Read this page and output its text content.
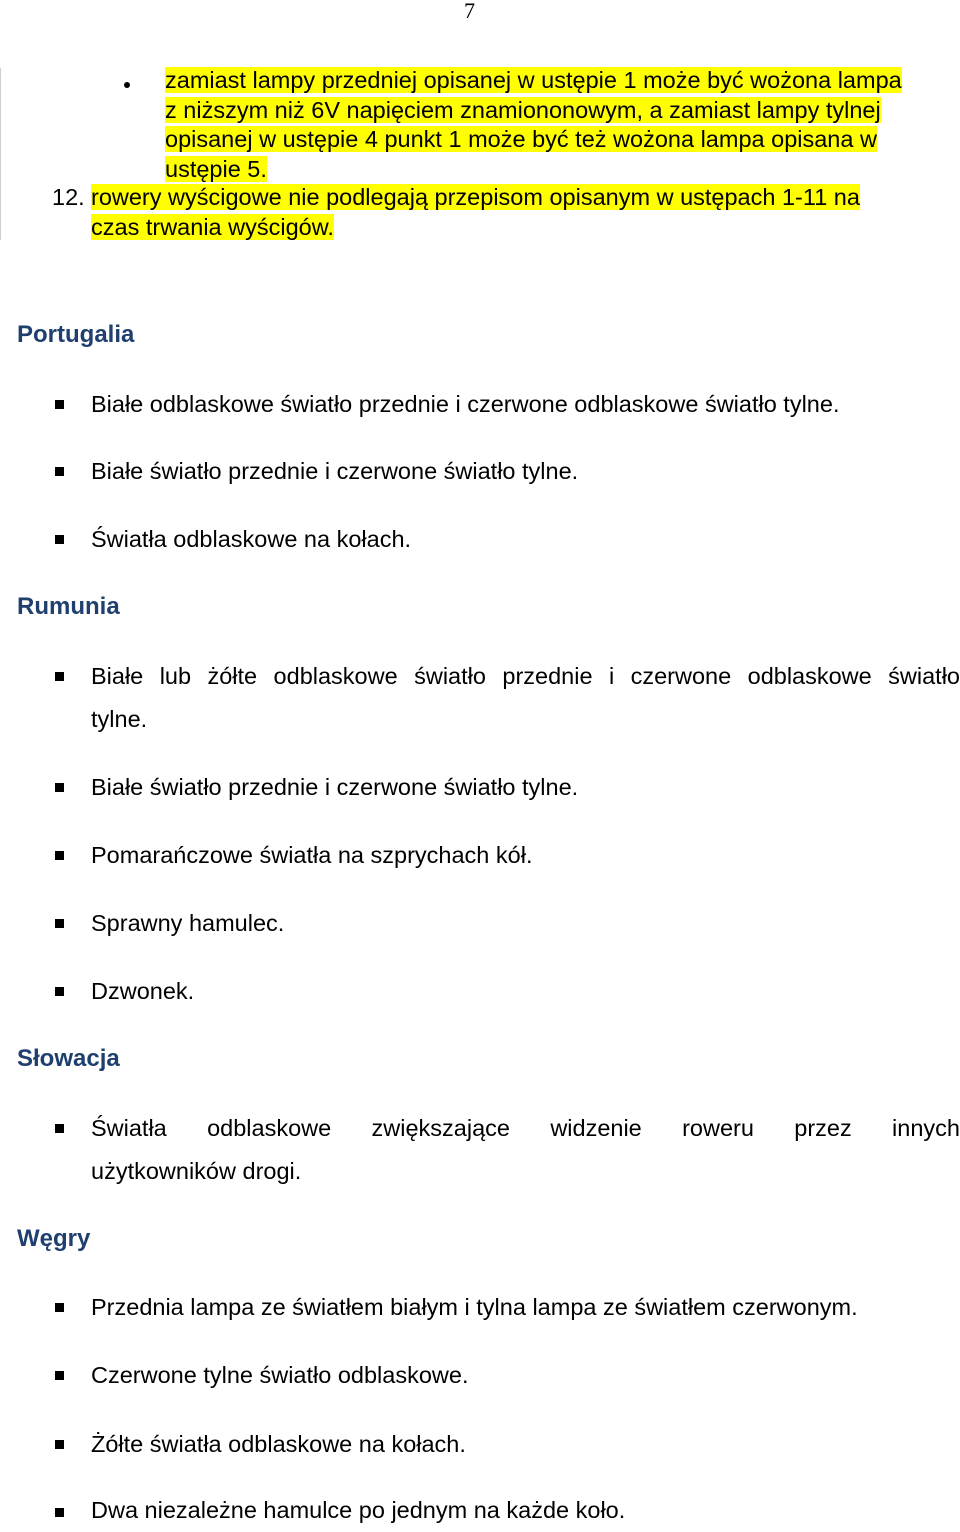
7
zamiast lampy przedniej opisanej w ustępie 1 może być wożona lampa
z niższym niż 6V napięciem znamiononowym, a zamiast lampy tylnej
opisanej w ustępie 4 punkt 1 może być też wożona lampa opisana w
ustępie 5.
12. rowery wyścigowe nie podlegają przepisom opisanym w ustępach 1-11 na
czas trwania wyścigów.
Portugalia
Białe odblaskowe światło przednie i czerwone odblaskowe światło tylne.
Białe światło przednie i czerwone światło tylne.
Światła odblaskowe na kołach.
Rumunia
Białe lub żółte odblaskowe światło przednie i czerwone odblaskowe światło
tylne.
Białe światło przednie i czerwone światło tylne.
Pomarańczowe światła na szprychach kół.
Sprawny hamulec.
Dzwonek.
Słowacja
Światła odblaskowe zwiększające widzenie roweru przez innych
użytkowników drogi.
Węgry
Przednia lampa ze światłem białym i tylna lampa ze światłem czerwonym.
Czerwone tylne światło odblaskowe.
Żółte światła odblaskowe na kołach.
Dwa niezależne hamulce po jednym na każde koło.
